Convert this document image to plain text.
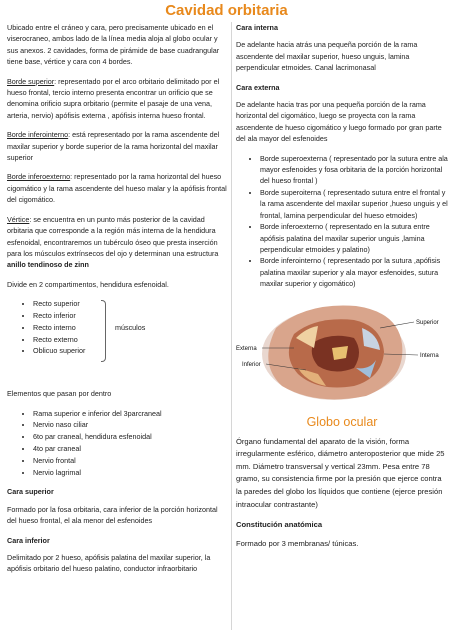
Cavidad orbitaria

Ubicado entre el cráneo y cara, pero precisamente ubicado en el viserocraneo, ambos lado de la línea media aloja al globo ocular y sus anexos. 2 cavidades, forma de pirámide de base cuadrangular tiene base, vértice y cara con 4 bordes.

Borde superior: representado por el arco orbitario delimitado por el hueso frontal, tercio interno presenta encontrar un orificio que se denomina orificio supra orbitario (permite el pasaje de una vena, arteria, nervio) apófisis externa , apófisis interna hueso frontal.

Borde inferointerno: está representado por la rama ascendente del maxilar superior y borde superior de la rama horizontal del maxilar superior

Borde inferoexterno: representado por la rama horizontal del hueso cigomático y la rama ascendente del hueso malar y la apófisis frontal del cigomático.

Vértice: se encuentra en un punto más posterior de la cavidad orbitaria que corresponde a la región más interna de la hendidura esfenoidal, encontraremos un tubérculo óseo que presta inserción para los músculos extrínsecos del ojo y determinan una estructura anillo tendinoso de zinn

Divide en 2 compartimentos, hendidura esfenoidal.

• Recto superior
• Recto inferior
• Recto interno
• Recto externo
• Oblicuo superior
músculos

Elementos que pasan por dentro

• Rama superior e inferior del 3parcraneal
• Nervio naso ciliar
• 6to par craneal, hendidura esfenoidal
• 4to par craneal
• Nervio frontal
• Nervio lagrimal

Cara superior

Formado por la fosa orbitaria, cara inferior de la porción horizontal del hueso frontal, el ala menor del esfenoides

Cara inferior

Delimitado por 2 hueso, apófisis palatina del maxilar superior, la apófisis orbitario del hueso palatino, conductor infraorbitario

Cara interna

De adelante hacia atrás una pequeña porción de la rama ascendente del maxilar superior, hueso unguis, lamina perpendicular etmoides. Canal lacrimonasal

Cara externa

De adelante hacia tras por una pequeña porción de la rama horizontal del cigomático, luego se proyecta con la rama ascendente de hueso cigomático y luego formado por gran parte del ala mayor del esfenoides

• Borde superoexterna ( representado por la sutura entre ala mayor esfenoides y fosa orbitaria de la porción horizontal del hueso frontal )
• Borde superoiterna ( representado sutura entre el frontal y la rama ascendente del maxilar superior ,hueso unguis y el frontal, lamina perpendicular del hueso etmoides)
• Borde inferoexterno ( representado en la sutura entre apófisis palatina del maxilar superior unguis ,lamina perpendicular etmoides y palatino)
• Borde inferointerno ( representado por la sutura ,apófisis palatina maxilar superior y ala mayor esfenoides, sutura maxilar superior y cigomático)
Superior
Interna
Externa
Inferior
Globo ocular

Órgano fundamental del aparato de la visión, forma irregularmente esférico, diámetro anteroposterior que mide 25 mm. Diámetro transversal y vertical 23mm. Pesa entre 78 gramo, su consistencia firme por la presión que ejerce contra la paredes del globo los líquidos que contiene (ejerce presión intraocular contrastante)

Constitución anatómica

Formado por 3 membranas/ túnicas.
